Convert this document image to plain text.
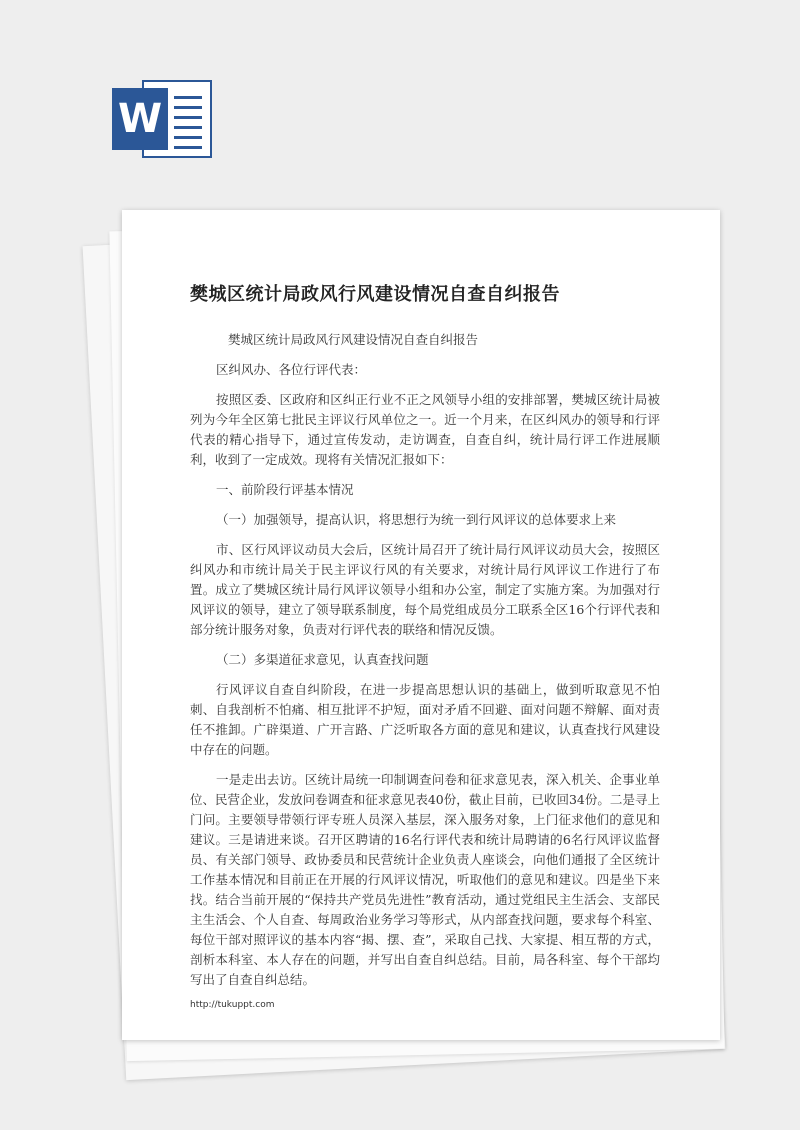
W
樊城区统计局政风行风建设情况自查自纠报告

樊城区统计局政风行风建设情况自查自纠报告

区纠风办、各位行评代表：

按照区委、区政府和区纠正行业不正之风领导小组的安排部署，樊城区统计局被列为今年全区第七批民主评议行风单位之一。近一个月来，在区纠风办的领导和行评代表的精心指导下，通过宣传发动，走访调查，自查自纠，统计局行评工作进展顺利，收到了一定成效。现将有关情况汇报如下：

一、前阶段行评基本情况

（一）加强领导，提高认识，将思想行为统一到行风评议的总体要求上来

市、区行风评议动员大会后，区统计局召开了统计局行风评议动员大会，按照区纠风办和市统计局关于民主评议行风的有关要求，对统计局行风评议工作进行了布置。成立了樊城区统计局行风评议领导小组和办公室，制定了实施方案。为加强对行风评议的领导，建立了领导联系制度，每个局党组成员分工联系全区16个行评代表和部分统计服务对象，负责对行评代表的联络和情况反馈。

（二）多渠道征求意见，认真查找问题

行风评议自查自纠阶段，在进一步提高思想认识的基础上，做到听取意见不怕刺、自我剖析不怕痛、相互批评不护短，面对矛盾不回避、面对问题不辩解、面对责任不推卸。广辟渠道、广开言路、广泛听取各方面的意见和建议，认真查找行风建设中存在的问题。

一是走出去访。区统计局统一印制调查问卷和征求意见表，深入机关、企事业单位、民营企业，发放问卷调查和征求意见表40份，截止目前，已收回34份。二是寻上门问。主要领导带领行评专班人员深入基层，深入服务对象，上门征求他们的意见和建议。三是请进来谈。召开区聘请的16名行评代表和统计局聘请的6名行风评议监督员、有关部门领导、政协委员和民营统计企业负责人座谈会，向他们通报了全区统计工作基本情况和目前正在开展的行风评议情况，听取他们的意见和建议。四是坐下来找。结合当前开展的“保持共产党员先进性”教育活动，通过党组民主生活会、支部民主生活会、个人自查、每周政治业务学习等形式，从内部查找问题，要求每个科室、每位干部对照评议的基本内容“揭、摆、查”，采取自己找、大家提、相互帮的方式，剖析本科室、本人存在的问题，并写出自查自纠总结。目前，局各科室、每个干部均写出了自查自纠总结。

http://tukuppt.com
